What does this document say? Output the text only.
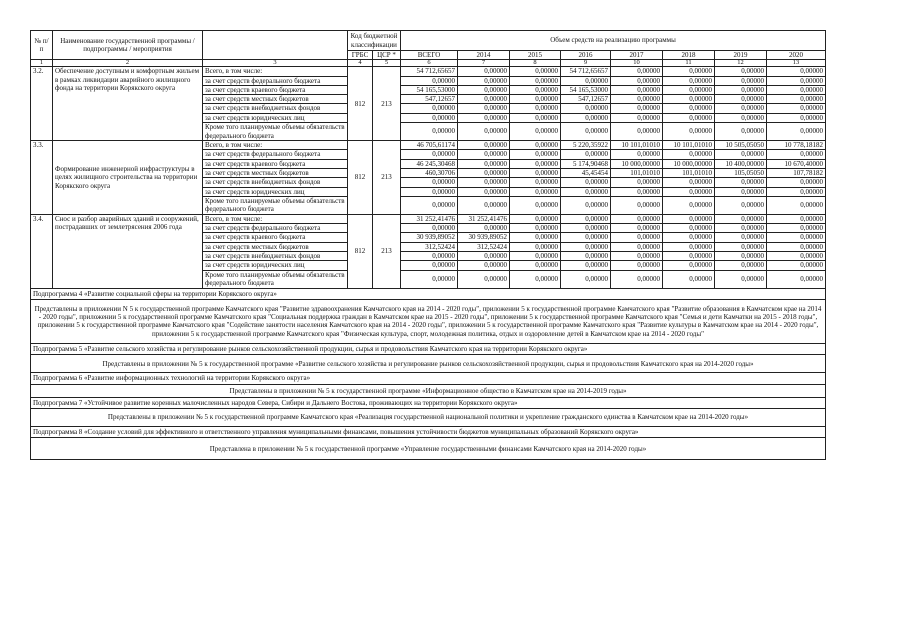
№ п/п	Наименование государственной программы / подпрограммы / мероприятия		Код бюджетной классификации		Объем средств на реализацию программы							
			ГРБС	ЦСР *	ВСЕГО	2014	2015	2016	2017	2018	2019	2020
1	2	3	4	5	6	7	8	9	10	11	12	13
3.2.	Обеспечение доступным и комфортным жильем в рамках ликвидации аварийного жилищного фонда на территории Корякского округа	Всего, в том числе:	812	213	54 712,65657	0,00000	0,00000	54 712,65657	0,00000	0,00000	0,00000	0,00000
		за счет средств федерального бюджета			0,00000	0,00000	0,00000	0,00000	0,00000	0,00000	0,00000	0,00000
		за счет средств краевого бюджета			54 165,53000	0,00000	0,00000	54 165,53000	0,00000	0,00000	0,00000	0,00000
		за счет средств местных бюджетов			547,12657	0,00000	0,00000	547,12657	0,00000	0,00000	0,00000	0,00000
		за счет средств внебюджетных фондов			0,00000	0,00000	0,00000	0,00000	0,00000	0,00000	0,00000	0,00000
		за счет средств юридических лиц			0,00000	0,00000	0,00000	0,00000	0,00000	0,00000	0,00000	0,00000
		Кроме того планируемые объемы обязательств федерального бюджета			0,00000	0,00000	0,00000	0,00000	0,00000	0,00000	0,00000	0,00000
3.3.	Формирование инженерной инфраструктуры в целях жилищного строительства на территории Корякского округа	Всего, в том числе:	812	213	46 705,61174	0,00000	0,00000	5 220,35922	10 101,01010	10 101,01010	10 505,05050	10 778,18182
		за счет средств федерального бюджета			0,00000	0,00000	0,00000	0,00000	0,00000	0,00000	0,00000	0,00000
		за счет средств краевого бюджета			46 245,30468	0,00000	0,00000	5 174,90468	10 000,00000	10 000,00000	10 400,00000	10 670,40000
		за счет средств местных бюджетов			460,30706	0,00000	0,00000	45,45454	101,01010	101,01010	105,05050	107,78182
		за счет средств внебюджетных фондов			0,00000	0,00000	0,00000	0,00000	0,00000	0,00000	0,00000	0,00000
		за счет средств юридических лиц			0,00000	0,00000	0,00000	0,00000	0,00000	0,00000	0,00000	0,00000
		Кроме того планируемые объемы обязательств федерального бюджета			0,00000	0,00000	0,00000	0,00000	0,00000	0,00000	0,00000	0,00000
3.4.	Снос и разбор аварийных зданий и сооружений, пострадавших от землетрясения 2006 года	Всего, в том числе:	812	213	31 252,41476	31 252,41476	0,00000	0,00000	0,00000	0,00000	0,00000	0,00000
		за счет средств федерального бюджета			0,00000	0,00000	0,00000	0,00000	0,00000	0,00000	0,00000	0,00000
		за счет средств краевого бюджета			30 939,89052	30 939,89052	0,00000	0,00000	0,00000	0,00000	0,00000	0,00000
		за счет средств местных бюджетов			312,52424	312,52424	0,00000	0,00000	0,00000	0,00000	0,00000	0,00000
		за счет средств внебюджетных фондов			0,00000	0,00000	0,00000	0,00000	0,00000	0,00000	0,00000	0,00000
		за счет средств юридических лиц			0,00000	0,00000	0,00000	0,00000	0,00000	0,00000	0,00000	0,00000
		Кроме того планируемые объемы обязательств федерального бюджета			0,00000	0,00000	0,00000	0,00000	0,00000	0,00000	0,00000	0,00000
Подпрограмма 4 «Развитие социальной сферы на территории Корякского округа»												
Представлены в приложении N 5 к государственной программе Камчатского края "Развитие здравоохранения Камчатского края на 2014 - 2020 годы", приложении 5 к государственной программе Камчатского края "Развитие образования в Камчатском крае на 2014 - 2020 годы", приложении 5 к государственной программе Камчатского края "Социальная поддержка граждан в Камчатском крае на 2015 - 2020 годы", приложении 5 к государственной программе Камчатского края "Семья и дети Камчатки на 2015 - 2018 годы", приложении 5 к государственной программе Камчатского края "Содействие занятости населения Камчатского края на 2014 - 2020 годы", приложении 5 к государственной программе Камчатского края "Развитие культуры в Камчатском крае на 2014 - 2020 годы", приложении 5 к государственной программе Камчатского края "Физическая культура, спорт, молодежная политика, отдых и оздоровление детей в Камчатском крае на 2014 - 2020 годы"												
Подпрограмма 5 «Развитие сельского хозяйства и регулирование рынков сельскохозяйственной продукции, сырья и продовольствия Камчатского края на территории Корякского округа»												
Представлены в приложении № 5 к государственной программе «Развитие сельского хозяйства и регулирование рынков сельскохозяйственной продукции, сырья и продовольствия Камчатского края на 2014-2020 годы»												
Подпрограмма 6 «Развитие информационных технологий на территории Корякского округа»												
Представлены в приложении № 5 к государственной программе «Информационное общество в Камчатском крае на 2014-2019 годы»												
Подпрограмма 7 «Устойчивое развитие коренных малочисленных народов Севера, Сибири и Дальнего Востока, проживающих на территории Корякского округа»												
Представлены в приложении № 5 к государственной программе Камчатского края «Реализация государственной национальной политики и укрепление гражданского единства в Камчатском крае на 2014-2020 годы»												
Подпрограмма 8 «Создание условий для эффективного и ответственного управления муниципальными финансами, повышения устойчивости бюджетов муниципальных образований Корякского округа»												
Представлена в приложении № 5 к государственной программе «Управление государственными финансами Камчатского края на 2014-2020 годы»												
